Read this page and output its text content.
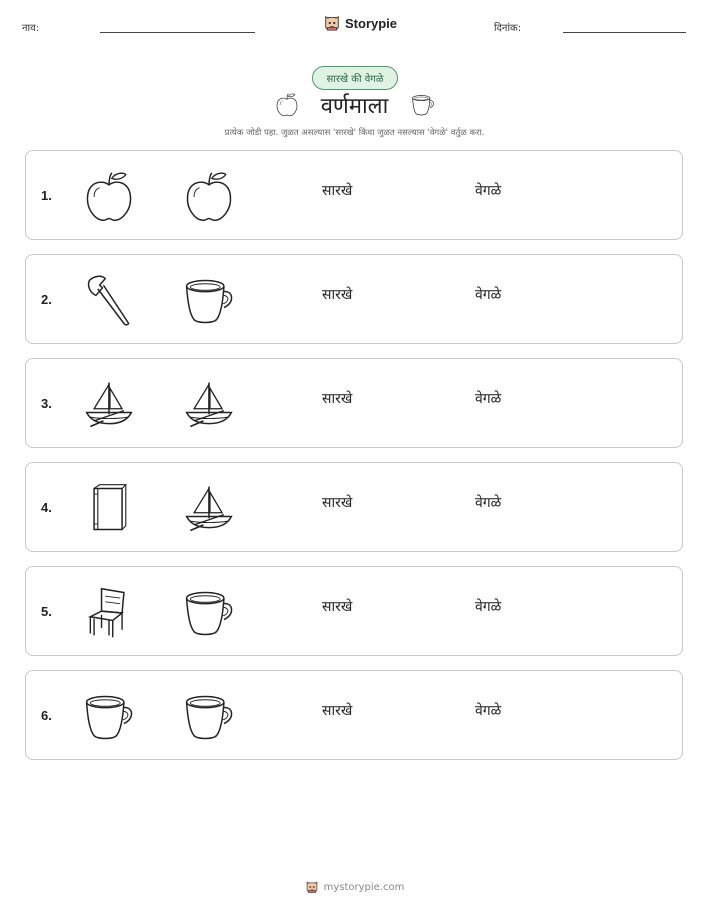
नाव:	Storypie	दिनांक:
सारखे की वेगळे
वर्णमाला
प्रत्येक जोडी पहा. जुळत असल्यास 'सारखे' किंवा जुळत नसल्यास 'वेगळे' वर्तुळ करा.
1.	सारखे	वेगळे
2.	सारखे	वेगळे
3.	सारखे	वेगळे
4.	सारखे	वेगळे
5.	सारखे	वेगळे
6.	सारखे	वेगळे
mystorypie.com
